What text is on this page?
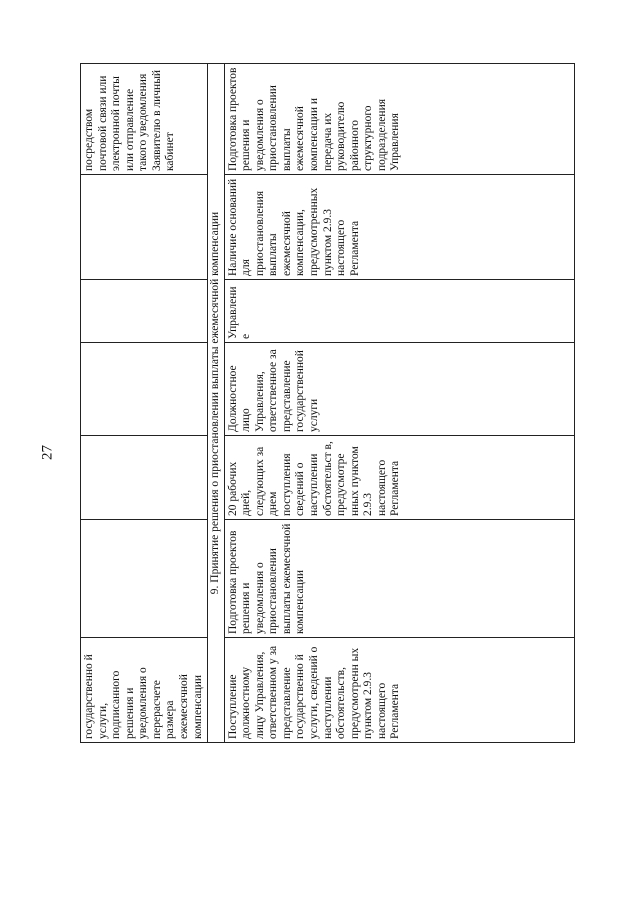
27
государственно й услуги, подписанного решения и уведомления о перерасчете размера ежемесячной компенсации						посредством почтовой связи или электронной почты или отправление такого уведомления Заявителю в личный кабинет

9. Принятие решения о приостановлении выплаты ежемесячной компенсации						

Поступление должностному лицу Управления, ответственном у за представление государственно й услуги, сведений о наступлении обстоятельств, предусмотренн ых пунктом 2.9.3 настоящего Регламента	Подготовка проектов решения и уведомления о приостановлении выплаты ежемесячной компенсации	20 рабочих дней, следующих за днем поступления сведений о наступлении обстоятельст в, предусмотре нных пунктом 2.9.3 настоящего Регламента	Должностное лицо Управления, ответственное за представление государственной услуги	Управление	Наличие оснований для приостановления выплаты ежемесячной компенсации, предусмотренных пунктом 2.9.3 настоящего Регламента	Подготовка проектов решения и уведомления о приостановлении выплаты ежемесячной компенсации и передача их руководителю районного структурного подразделения Управления
